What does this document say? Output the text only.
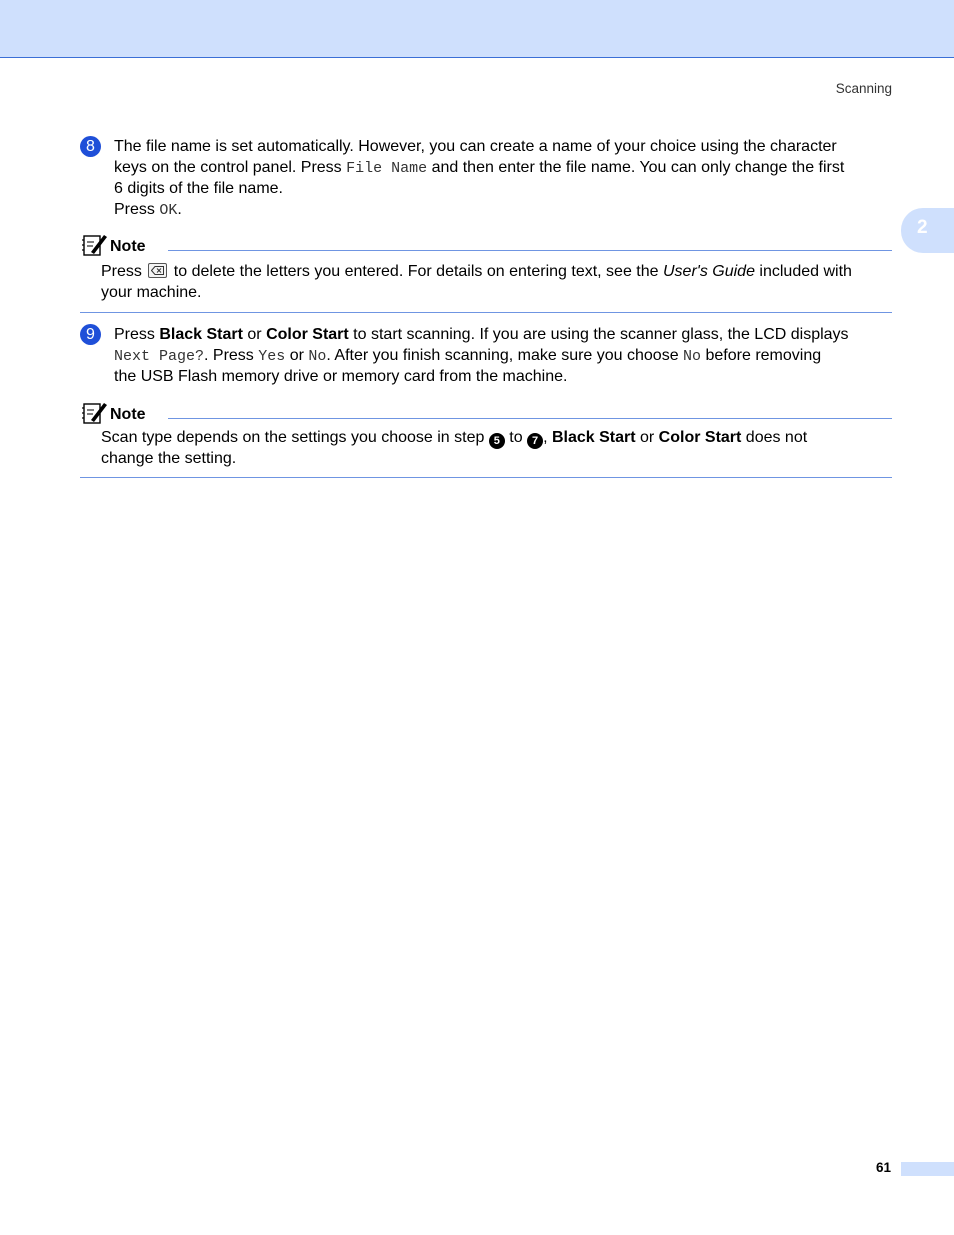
Scanning
2
8	The file name is set automatically. However, you can create a name of your choice using the character
keys on the control panel. Press File Name and then enter the file name. You can only change the first
6 digits of the file name.
Press OK.
Note
Press
to delete the letters you entered. For details on entering text, see the User's Guide included with
your machine.
9	Press Black Start or Color Start to start scanning. If you are using the scanner glass, the LCD displays
Next Page?. Press Yes or No. After you finish scanning, make sure you choose No before removing
the USB Flash memory drive or memory card from the machine.
Note
Scan type depends on the settings you choose in step 5 to 7 , Black Start or Color Start does not
change the setting.
61
